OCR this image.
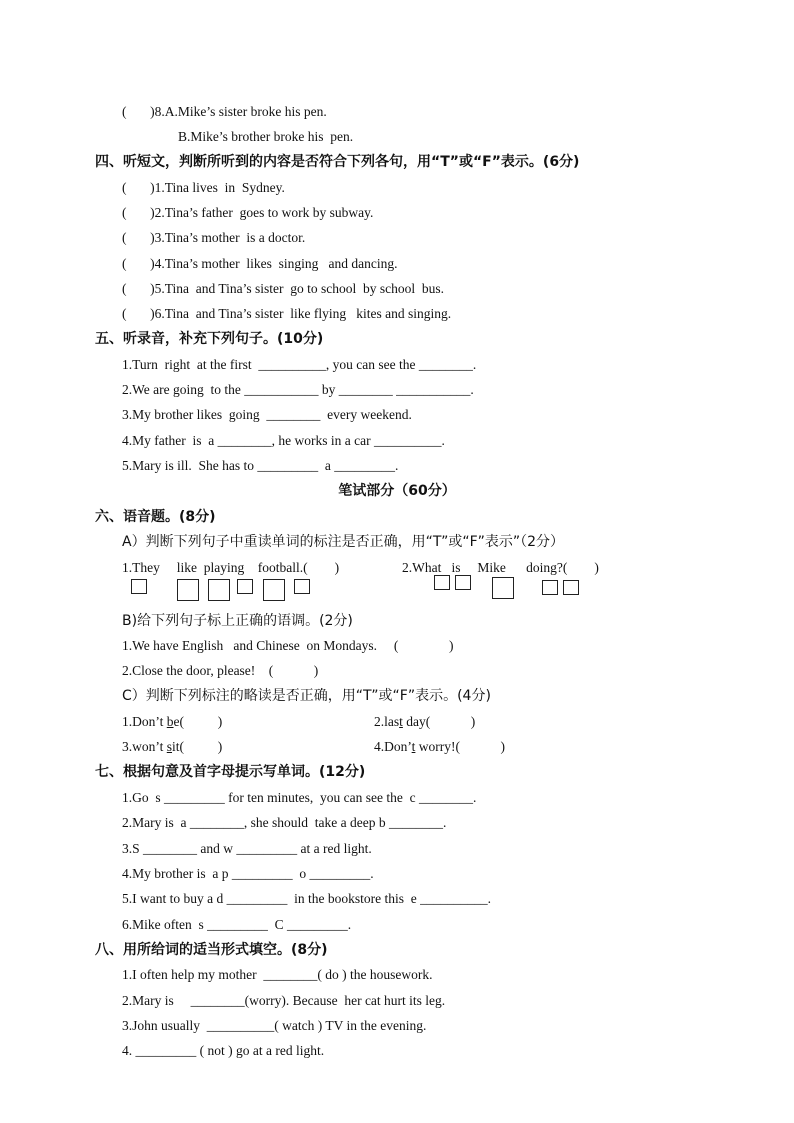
(       )8.A.Mike’s sister broke his pen.
B.Mike’s brother broke his  pen.
四、听短文，判断所听到的内容是否符合下列各句，用“T”或“F”表示。(6分)
(       )1.Tina lives  in  Sydney.
(       )2.Tina’s father  goes to work by subway.
(       )3.Tina’s mother  is a doctor.
(       )4.Tina’s mother  likes  singing   and dancing.
(       )5.Tina  and Tina’s sister  go to school  by school  bus.
(       )6.Tina  and Tina’s sister  like flying   kites and singing.
五、听录音，补充下列句子。(10分)
1.Turn  right  at the first  __________, you can see the ________.
2.We are going  to the ___________ by ________ ___________.
3.My brother likes  going  ________  every weekend.
4.My father  is  a ________, he works in a car __________.
5.Mary is ill.  She has to _________  a _________.
笔试部分（60分）
六、语音题。(8分)
A）判断下列句子中重读单词的标注是否正确，用“T”或“F”表示”（2分）
1.They     like  playing    football.(        )	2.What   is     Mike      doing?(        )
B)给下列句子标上正确的语调。(2分)
1.We have English   and Chinese  on Mondays.     (               )
2.Close the door, please!    (            )
C）判断下列标注的略读是否正确，用“T”或“F”表示。(4分)
1.Don’t be(          )	2.last day(            )
3.won’t sit(          )	4.Don’t worry!(            )
七、根据句意及首字母提示写单词。(12分)
1.Go  s _________ for ten minutes,  you can see the  c ________.
2.Mary is  a ________, she should  take a deep b ________.
3.S ________ and w _________ at a red light.
4.My brother is  a p _________  o _________.
5.I want to buy a d _________  in the bookstore this  e __________.
6.Mike often  s _________  C _________.
八、用所给词的适当形式填空。(8分)
1.I often help my mother  ________( do ) the housework.
2.Mary is     ________(worry). Because  her cat hurt its leg.
3.John usually  __________( watch ) TV in the evening.
4. _________ ( not ) go at a red light.
